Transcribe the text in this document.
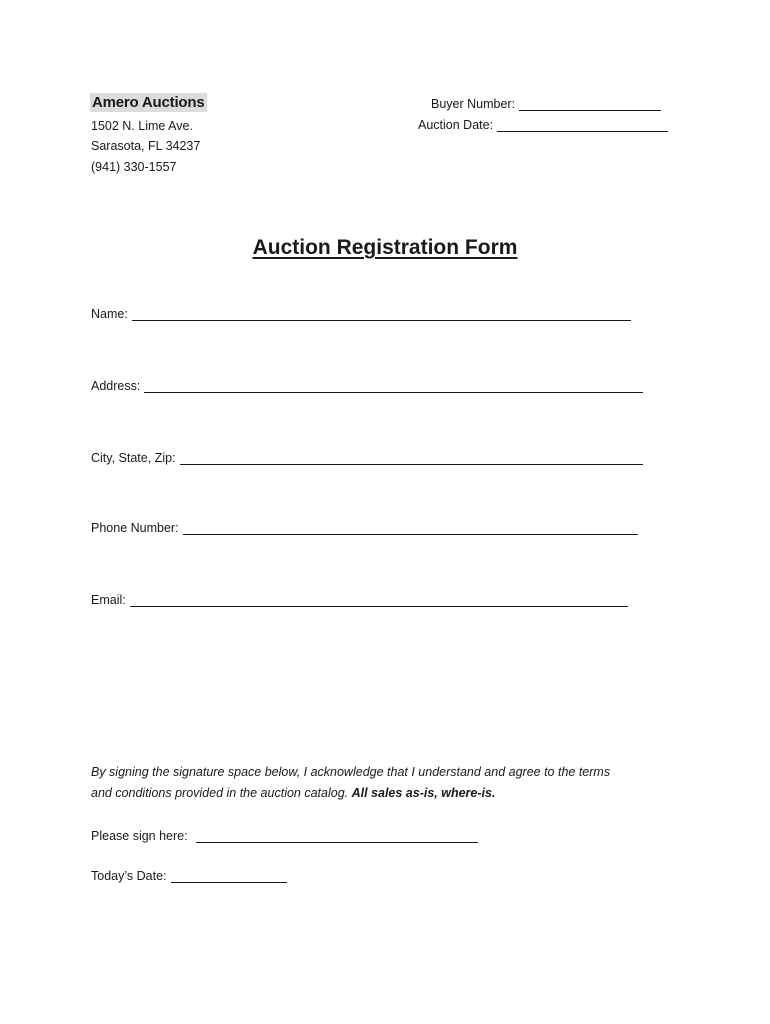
Amero Auctions
1502 N. Lime Ave.
Sarasota, FL 34237
(941) 330-1557
Buyer Number:
Auction Date:
Auction Registration Form
Name:
Address:
City, State, Zip:
Phone Number:
Email:
By signing the signature space below, I acknowledge that I understand and agree to the terms
and conditions provided in the auction catalog. All sales as-is, where-is.
Please sign here:
Today’s Date:
